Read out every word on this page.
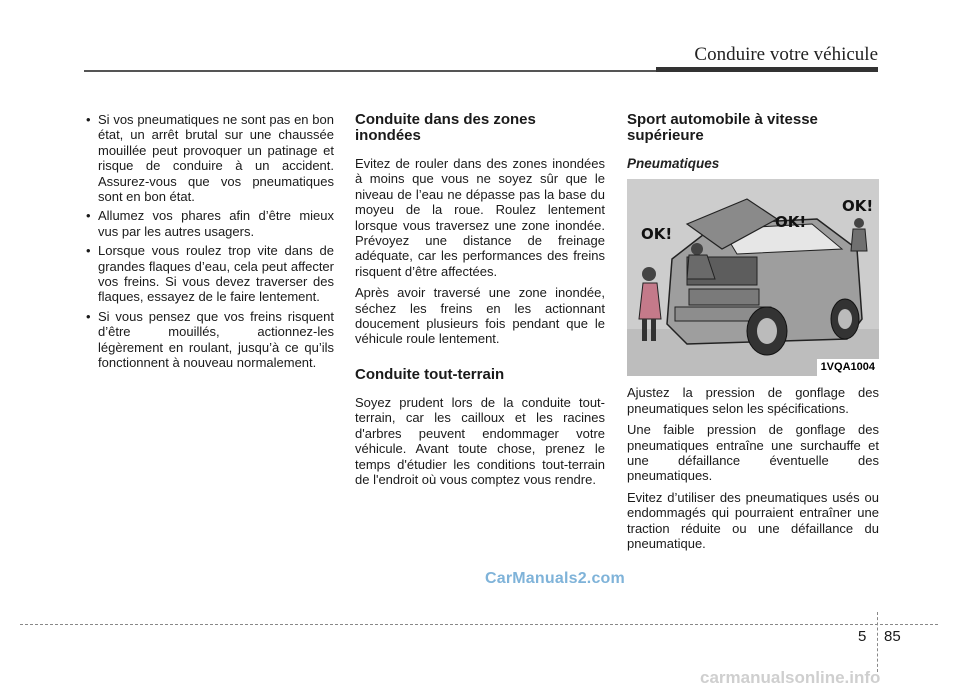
Conduire votre véhicule
• Si vos pneumatiques ne sont pas en bon état, un arrêt brutal sur une chaussée mouillée peut provoquer un patinage et risque de conduire à un accident. Assurez-vous que vos pneumatiques sont en bon état.
• Allumez vos phares afin d’être mieux vus par les autres usagers.
• Lorsque vous roulez trop vite dans de grandes flaques d’eau, cela peut affecter vos freins. Si vous devez traverser des flaques, essayez de le faire lentement.
• Si vous pensez que vos freins risquent d’être mouillés, actionnez-les légèrement en roulant, jusqu’à ce qu’ils fonctionnent à nouveau normalement.
Conduite dans des zones inondées

Evitez de rouler dans des zones inondées à moins que vous ne soyez sûr que le niveau de l’eau ne dépasse pas la base du moyeu de la roue. Roulez lentement lorsque vous traversez une zone inondée. Prévoyez une distance de freinage adéquate, car les performances des freins risquent d’être affectées.

Après avoir traversé une zone inondée, séchez les freins en les actionnant doucement plusieurs fois pendant que le véhicule roule lentement.

Conduite tout-terrain

Soyez prudent lors de la conduite tout-terrain, car les cailloux et les racines d'arbres peuvent endommager votre véhicule. Avant toute chose, prenez le temps d'étudier les conditions tout-terrain de l'endroit où vous comptez vous rendre.

Sport automobile à vitesse supérieure
Pneumatiques
OK!
OK!
OK!
1VQA1004

Ajustez la pression de gonflage des pneumatiques selon les spécifications.

Une faible pression de gonflage des pneumatiques entraîne une surchauffe et une défaillance éventuelle des pneumatiques.

Evitez d’utiliser des pneumatiques usés ou endommagés qui pourraient entraîner une traction réduite ou une défaillance du pneumatique.

CarManuals2.com
5 85
carmanualsonline.info
